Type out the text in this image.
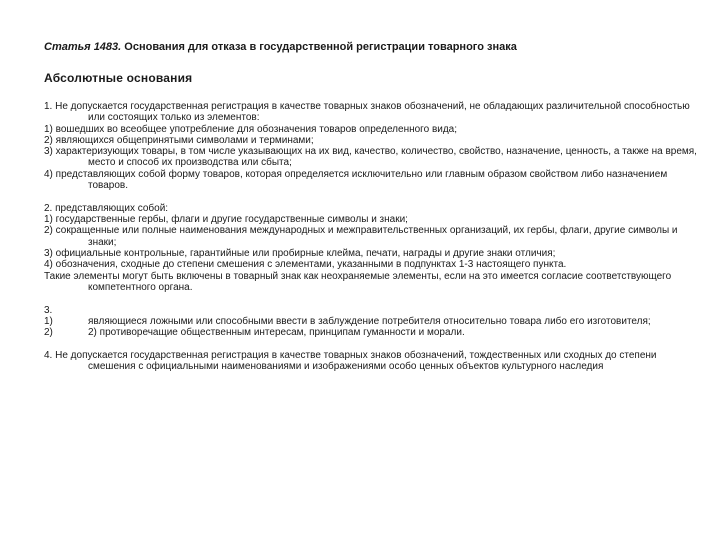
Статья 1483. Основания для отказа в государственной регистрации товарного знака
Абсолютные основания

1. Не допускается государственная регистрация в качестве товарных знаков обозначений, не обладающих различительной способностью или состоящих только из элементов:

1) вошедших во всеобщее употребление для обозначения товаров определенного вида;

2) являющихся общепринятыми символами и терминами;

3) характеризующих товары, в том числе указывающих на их вид, качество, количество, свойство, назначение, ценность, а также на время, место и способ их производства или сбыта;

4) представляющих собой форму товаров, которая определяется исключительно или главным образом свойством либо назначением товаров.

2. представляющих собой:

1) государственные гербы, флаги и другие государственные символы и знаки;

2) сокращенные или полные наименования международных и межправительственных организаций, их гербы, флаги, другие символы и знаки;

3) официальные контрольные, гарантийные или пробирные клейма, печати, награды и другие знаки отличия;

4) обозначения, сходные до степени смешения с элементами, указанными в подпунктах 1-3 настоящего пункта.

Такие элементы могут быть включены в товарный знак как неохраняемые элементы, если на это имеется согласие соответствующего компетентного органа.

3.

1)	являющиеся ложными или способными ввести в заблуждение потребителя относительно товара либо его изготовителя;
2)	2) противоречащие общественным интересам, принципам гуманности и морали.

4. Не допускается государственная регистрация в качестве товарных знаков обозначений, тождественных или сходных до степени смешения с официальными наименованиями и изображениями особо ценных объектов культурного наследия
